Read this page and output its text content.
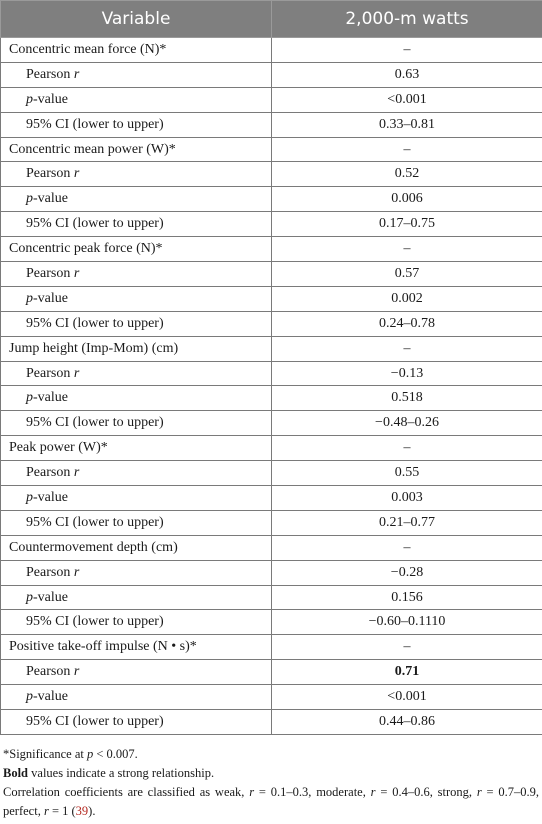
Variable	2,000-m watts
Concentric mean force (N)*	–
Pearson r	0.63
p-value	<0.001
95% CI (lower to upper)	0.33–0.81
Concentric mean power (W)*	–
Pearson r	0.52
p-value	0.006
95% CI (lower to upper)	0.17–0.75
Concentric peak force (N)*	–
Pearson r	0.57
p-value	0.002
95% CI (lower to upper)	0.24–0.78
Jump height (Imp-Mom) (cm)	–
Pearson r	−0.13
p-value	0.518
95% CI (lower to upper)	−0.48–0.26
Peak power (W)*	–
Pearson r	0.55
p-value	0.003
95% CI (lower to upper)	0.21–0.77
Countermovement depth (cm)	–
Pearson r	−0.28
p-value	0.156
95% CI (lower to upper)	−0.60–0.1110
Positive take-off impulse (N • s)*	–
Pearson r	0.71
p-value	<0.001
95% CI (lower to upper)	0.44–0.86

*Significance at p < 0.007.

Bold values indicate a strong relationship.

Correlation coefficients are classified as weak, r = 0.1–0.3, moderate, r = 0.4–0.6, strong, r = 0.7–0.9, perfect, r = 1 (39).
